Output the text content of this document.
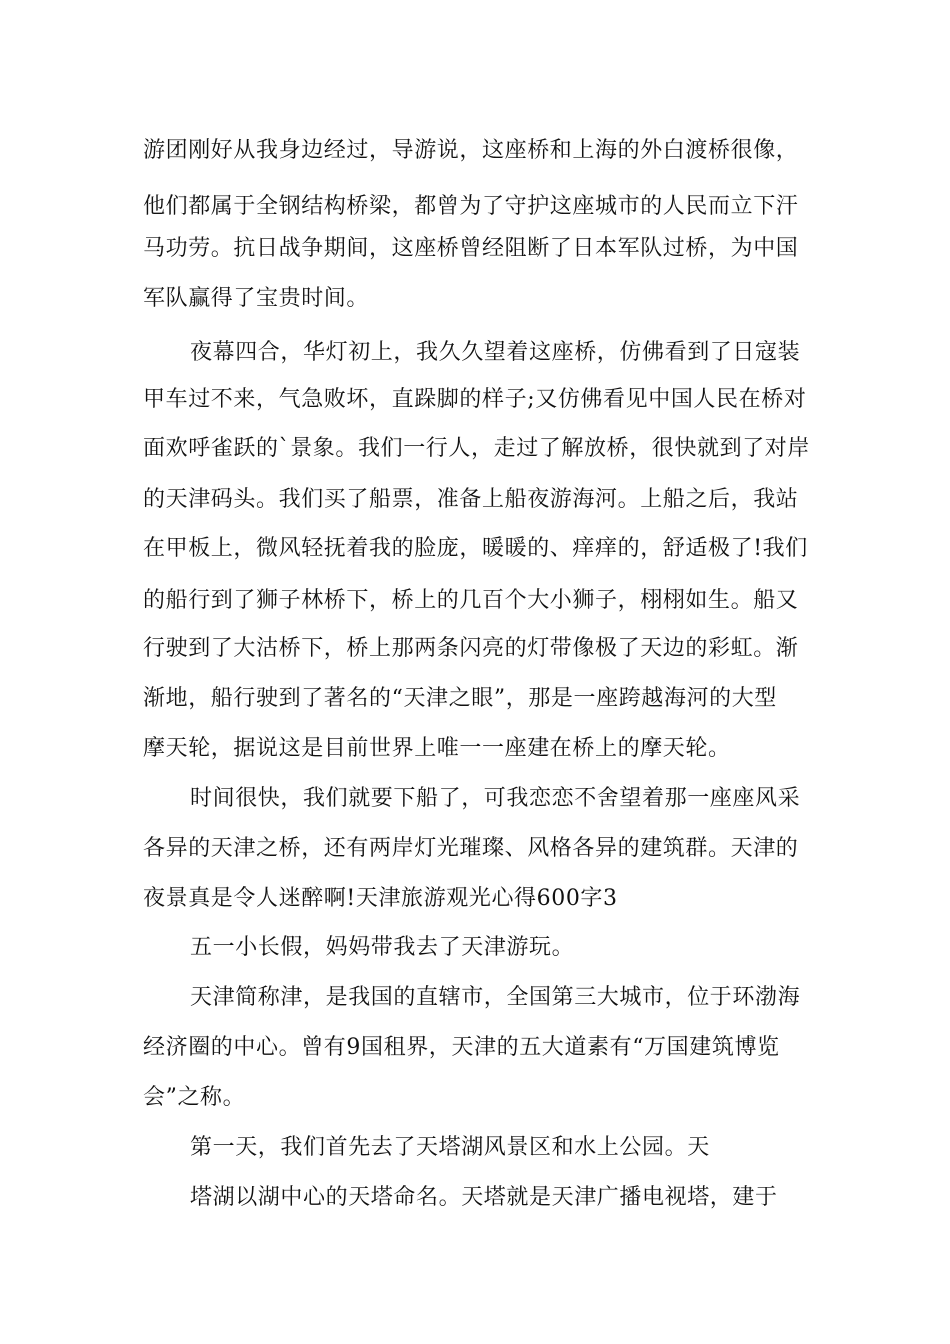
游团刚好从我身边经过，导游说，这座桥和上海的外白渡桥很像，
他们都属于全钢结构桥梁，都曾为了守护这座城市的人民而立下汗
马功劳。抗日战争期间，这座桥曾经阻断了日本军队过桥，为中国
军队赢得了宝贵时间。
夜幕四合，华灯初上，我久久望着这座桥，仿佛看到了日寇装
甲车过不来，气急败坏，直跺脚的样子;又仿佛看见中国人民在桥对
面欢呼雀跃的`景象。我们一行人，走过了解放桥，很快就到了对岸
的天津码头。我们买了船票，准备上船夜游海河。上船之后，我站
在甲板上，微风轻抚着我的脸庞，暖暖的、痒痒的，舒适极了!我们
的船行到了狮子林桥下，桥上的几百个大小狮子，栩栩如生。船又
行驶到了大沽桥下，桥上那两条闪亮的灯带像极了天边的彩虹。渐
渐地，船行驶到了著名的“天津之眼”，那是一座跨越海河的大型
摩天轮，据说这是目前世界上唯一一座建在桥上的摩天轮。
时间很快，我们就要下船了，可我恋恋不舍望着那一座座风采
各异的天津之桥，还有两岸灯光璀璨、风格各异的建筑群。天津的
夜景真是令人迷醉啊!天津旅游观光心得600字3
五一小长假，妈妈带我去了天津游玩。
天津简称津，是我国的直辖市，全国第三大城市，位于环渤海
经济圈的中心。曾有9国租界，天津的五大道素有“万国建筑博览
会”之称。
第一天，我们首先去了天塔湖风景区和水上公园。天
塔湖以湖中心的天塔命名。天塔就是天津广播电视塔，建于
